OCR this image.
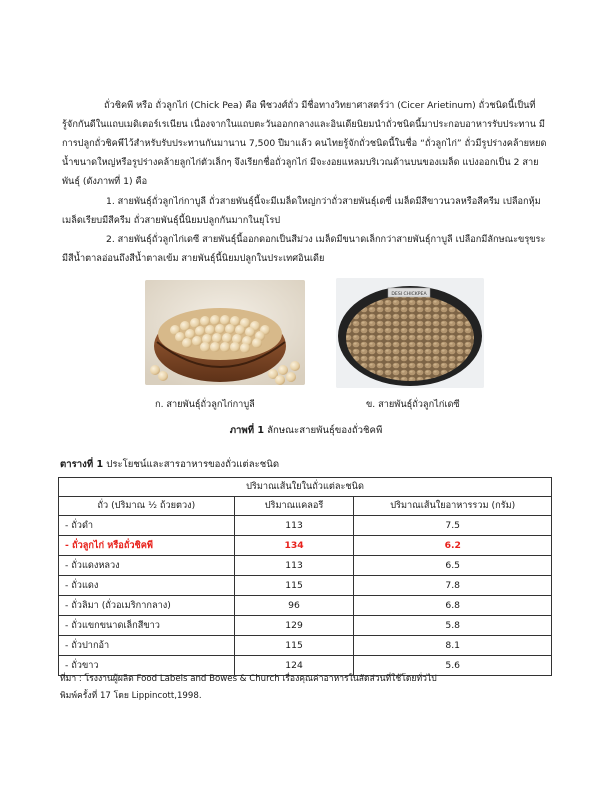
ถั่วชิคพี หรือ ถั่วลูกไก่ (Chick Pea) คือ พืชวงศ์ถั่ว มีชื่อทางวิทยาศาสตร์ว่า (Cicer Arietinum) ถั่วชนิดนี้เป็นที่รู้จักกันดีในแถบเมดิเตอร์เรเนียน เนื่องจากในแถบตะวันออกกลางและอินเดียนิยมนำถั่วชนิดนี้มาประกอบอาหารรับประทาน มีการปลูกถั่วชิคพีไว้สำหรับรับประทานกันมานาน 7,500 ปีมาแล้ว คนไทยรู้จักถั่วชนิดนี้ในชื่อ “ถั่วลูกไก่” ถั่วมีรูปร่างคล้ายหยดน้ำขนาดใหญ่หรือรูปร่างคล้ายลูกไก่ตัวเล็กๆ จึงเรียกชื่อถั่วลูกไก่ มีจะงอยแหลมบริเวณด้านบนของเมล็ด แบ่งออกเป็น 2 สายพันธุ์ (ดังภาพที่ 1) คือ

1. สายพันธุ์ถั่วลูกไก่กาบูลี ถั่วสายพันธุ์นี้จะมีเมล็ดใหญ่กว่าถั่วสายพันธุ์เดซี่ เมล็ดมีสีขาวนวลหรือสีครีม เปลือกหุ้มเมล็ดเรียบมีสีครีม ถั่วสายพันธุ์นี้นิยมปลูกกันมากในยุโรป

2. สายพันธุ์ถั่วลูกไก่เดซี สายพันธุ์นี้ออกดอกเป็นสีม่วง เมล็ดมีขนาดเล็กกว่าสายพันธุ์กาบูลี เปลือกมีลักษณะขรุขระมีสีน้ำตาลอ่อนถึงสีน้ำตาลเข้ม สายพันธุ์นี้นิยมปลูกในประเทศอินเดีย

DESI CHICKPEA
ก. สายพันธุ์ถั่วลูกไก่กาบูลี	ข. สายพันธุ์ถั่วลูกไก่เดซี
ภาพที่ 1 ลักษณะสายพันธุ์ของถั่วชิคพี
ตารางที่ 1 ประโยชน์และสารอาหารของถั่วแต่ละชนิด
ปริมาณเส้นใยในถั่วแต่ละชนิด		
ถั่ว (ปริมาณ ½ ถ้วยตวง)	ปริมาณแคลอรี	ปริมาณเส้นใยอาหารรวม (กรัม)
- ถั่วดำ	113	7.5
- ถั่วลูกไก่ หรือถั่วชิคพี	134	6.2
- ถั่วแดงหลวง	113	6.5
- ถั่วแดง	115	7.8
- ถั่วลิมา (ถั่วอเมริกากลาง)	96	6.8
- ถั่วแขกขนาดเล็กสีขาว	129	5.8
- ถั่วปากอ้า	115	8.1
- ถั่วขาว	124	5.6
ที่มา : โรงงานผู้ผลิต Food Labels and Bowes & Church เรื่องคุณค่าอาหารในสัดส่วนที่ใช้โดยทั่วไป
พิมพ์ครั้งที่ 17 โดย Lippincott,1998.
